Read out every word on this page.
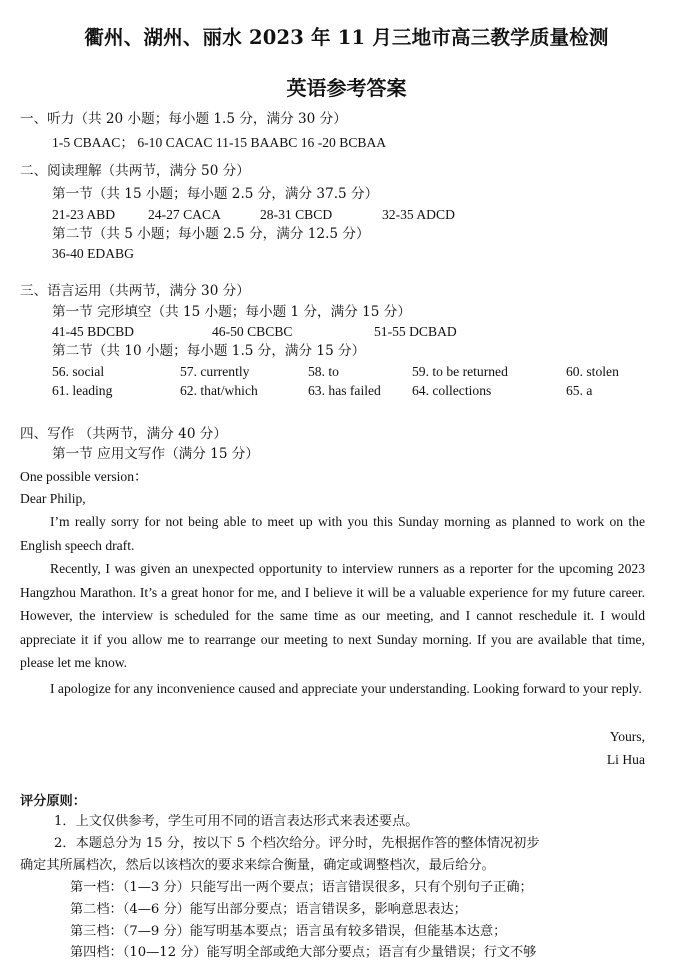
衢州、湖州、丽水 2023 年 11 月三地市高三教学质量检测
英语参考答案
一、听力（共 20 小题；每小题 1.5 分，满分 30 分）
1-5 CBAAC； 6-10 CACAC 11-15 BAABC 16 -20 BCBAA
二、阅读理解（共两节，满分 50 分）
第一节（共 15 小题；每小题 2.5 分，满分 37.5 分）
21-23 ABD 24-27 CACA	28-31 CBCD	32-35 ADCD
第二节（共 5 小题；每小题 2.5 分，满分 12.5 分）
36-40 EDABG
三、语言运用（共两节，满分 30 分）
第一节 完形填空（共 15 小题；每小题 1 分，满分 15 分）
41-45 BDCBD	46-50 CBCBC	51-55 DCBAD
第二节（共 10 小题；每小题 1.5 分，满分 15 分）
56. social	57. currently	58. to	59. to be returned	60. stolen
61. leading	62. that/which	63. has failed 64. collections	65. a
四、写作 （共两节，满分 40 分）
第一节 应用文写作（满分 15 分）
One possible version：
Dear Philip,
I’m really sorry for not being able to meet up with you this Sunday morning as planned to work on the English speech draft.
Recently, I was given an unexpected opportunity to interview runners as a reporter for the upcoming 2023 Hangzhou Marathon. It’s a great honor for me, and I believe it will be a valuable experience for my future career. However, the interview is scheduled for the same time as our meeting, and I cannot reschedule it. I would appreciate it if you allow me to rearrange our meeting to next Sunday morning. If you are available that time, please let me know.
I apologize for any inconvenience caused and appreciate your understanding. Looking forward to your reply.
Yours,
Li Hua
评分原则：
1．上文仅供参考，学生可用不同的语言表达形式来表述要点。
2．本题总分为 15 分，按以下 5 个档次给分。评分时，先根据作答的整体情况初步
确定其所属档次，然后以该档次的要求来综合衡量，确定或调整档次，最后给分。
第一档：（1—3 分）只能写出一两个要点；语言错误很多，只有个别句子正确；
第二档：（4—6 分）能写出部分要点；语言错误多，影响意思表达；
第三档：（7—9 分）能写明基本要点；语言虽有较多错误，但能基本达意；
第四档：（10—12 分）能写明全部或绝大部分要点；语言有少量错误；行文不够
